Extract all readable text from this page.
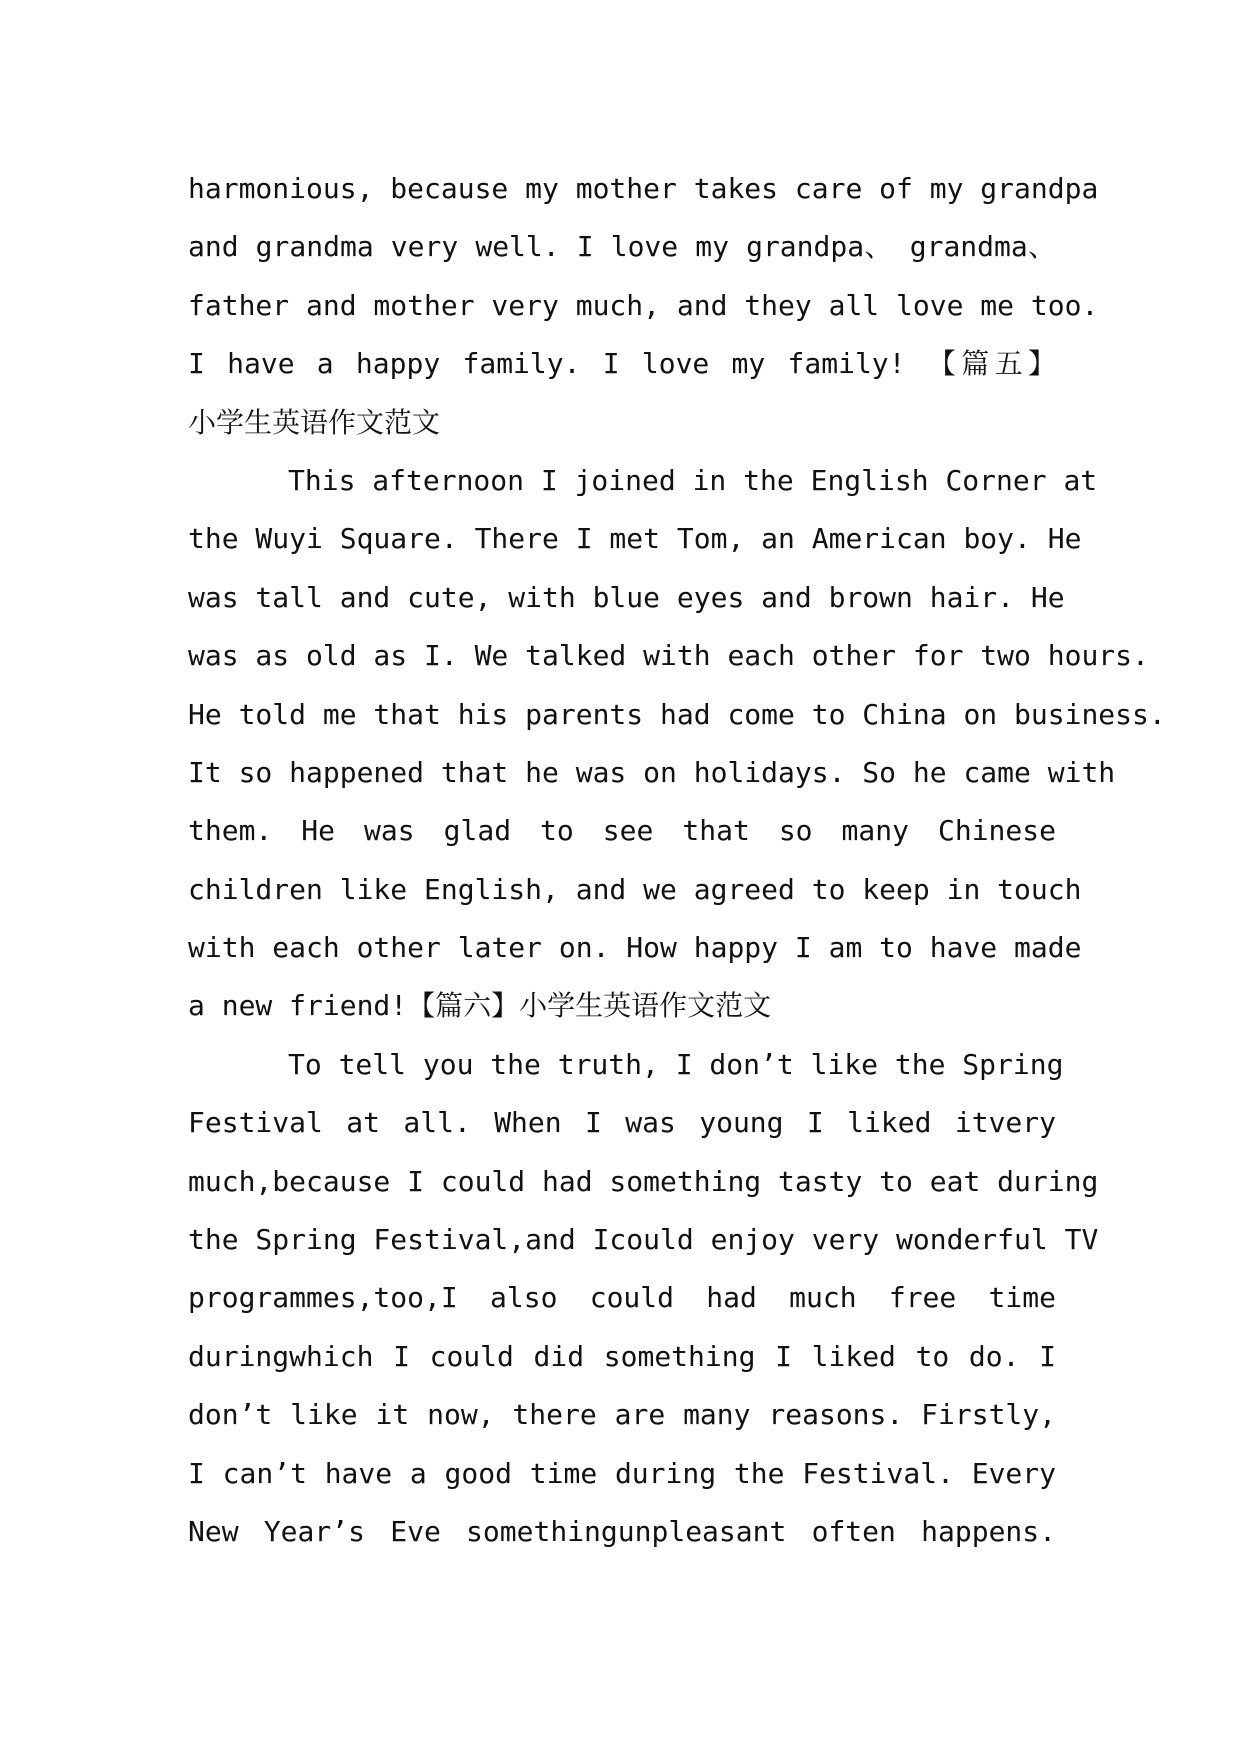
harmonious, because my mother takes care of my grandpa
and grandma very well. I love my grandpa、 grandma、
father and mother very much, and they all love me too.
I have a happy family. I love my family! 【篇五】
小学生英语作文范文
This afternoon I joined in the English Corner at
the Wuyi Square. There I met Tom, an American boy. He
was tall and cute, with blue eyes and brown hair. He
was as old as I. We talked with each other for two hours.
He told me that his parents had come to China on business.
It so happened that he was on holidays. So he came with
them. He was glad to see that so many Chinese
children like English, and we agreed to keep in touch
with each other later on. How happy I am to have made
a new friend!【篇六】小学生英语作文范文
To tell you the truth, I don’t like the Spring
Festival at all. When I was young I liked itvery
much,because I could had something tasty to eat during
the Spring Festival,and Icould enjoy very wonderful TV
programmes,too,I also could had much free time
duringwhich I could did something I liked to do. I
don’t like it now, there are many reasons. Firstly,
I can’t have a good time during the Festival. Every
New Year’s Eve somethingunpleasant often happens.
